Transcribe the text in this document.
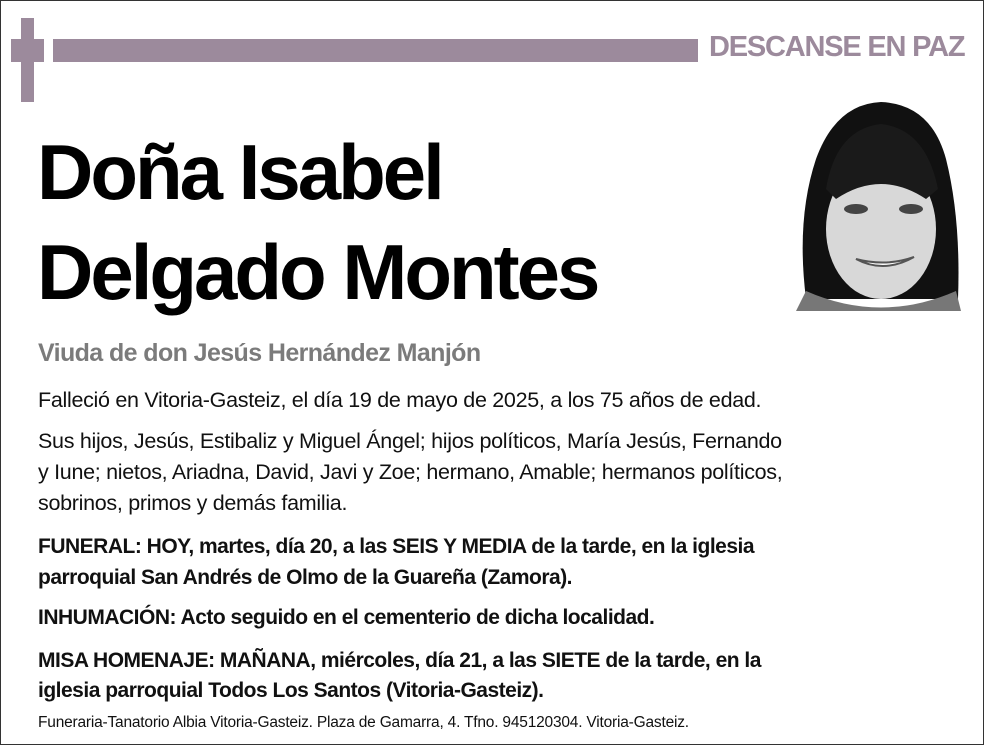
DESCANSE EN PAZ
Doña Isabel
Delgado Montes
Viuda de don Jesús Hernández Manjón
Falleció en Vitoria-Gasteiz, el día 19 de mayo de 2025, a los 75 años de edad.
Sus hijos, Jesús, Estibaliz y Miguel Ángel; hijos políticos, María Jesús, Fernando
y Iune; nietos, Ariadna, David, Javi y Zoe; hermano, Amable; hermanos políticos,
sobrinos, primos y demás familia.
FUNERAL: HOY, martes, día 20, a las SEIS Y MEDIA de la tarde, en la iglesia
parroquial San Andrés de Olmo de la Guareña (Zamora).
INHUMACIÓN: Acto seguido en el cementerio de dicha localidad.
MISA HOMENAJE: MAÑANA, miércoles, día 21, a las SIETE de la tarde, en la
iglesia parroquial Todos Los Santos (Vitoria-Gasteiz).
Funeraria-Tanatorio Albia Vitoria-Gasteiz. Plaza de Gamarra, 4. Tfno. 945120304. Vitoria-Gasteiz.
